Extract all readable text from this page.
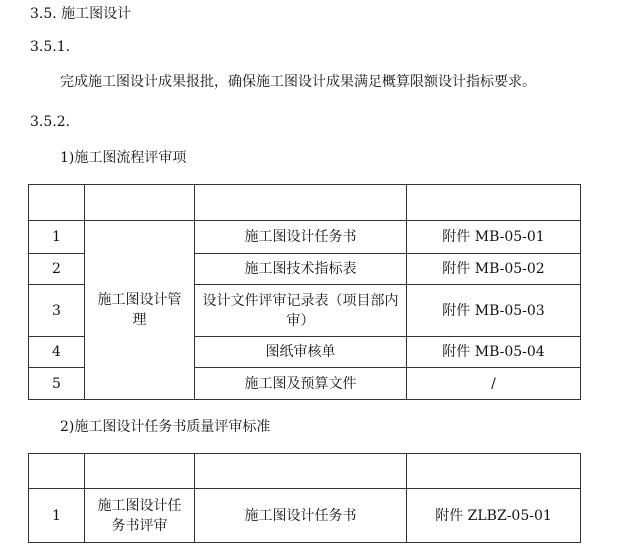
3.5. 施工图设计
3.5.1.
完成施工图设计成果报批，确保施工图设计成果满足概算限额设计指标要求。
3.5.2.
1)施工图流程评审项

1	施工图设计管理	施工图设计任务书	附件 MB-05-01
2		施工图技术指标表	附件 MB-05-02
3		设计文件评审记录表（项目部内审）	附件 MB-05-03
4		图纸审核单	附件 MB-05-04
5		施工图及预算文件	/
2)施工图设计任务书质量评审标准

1	施工图设计任务书评审	施工图设计任务书	附件 ZLBZ-05-01
